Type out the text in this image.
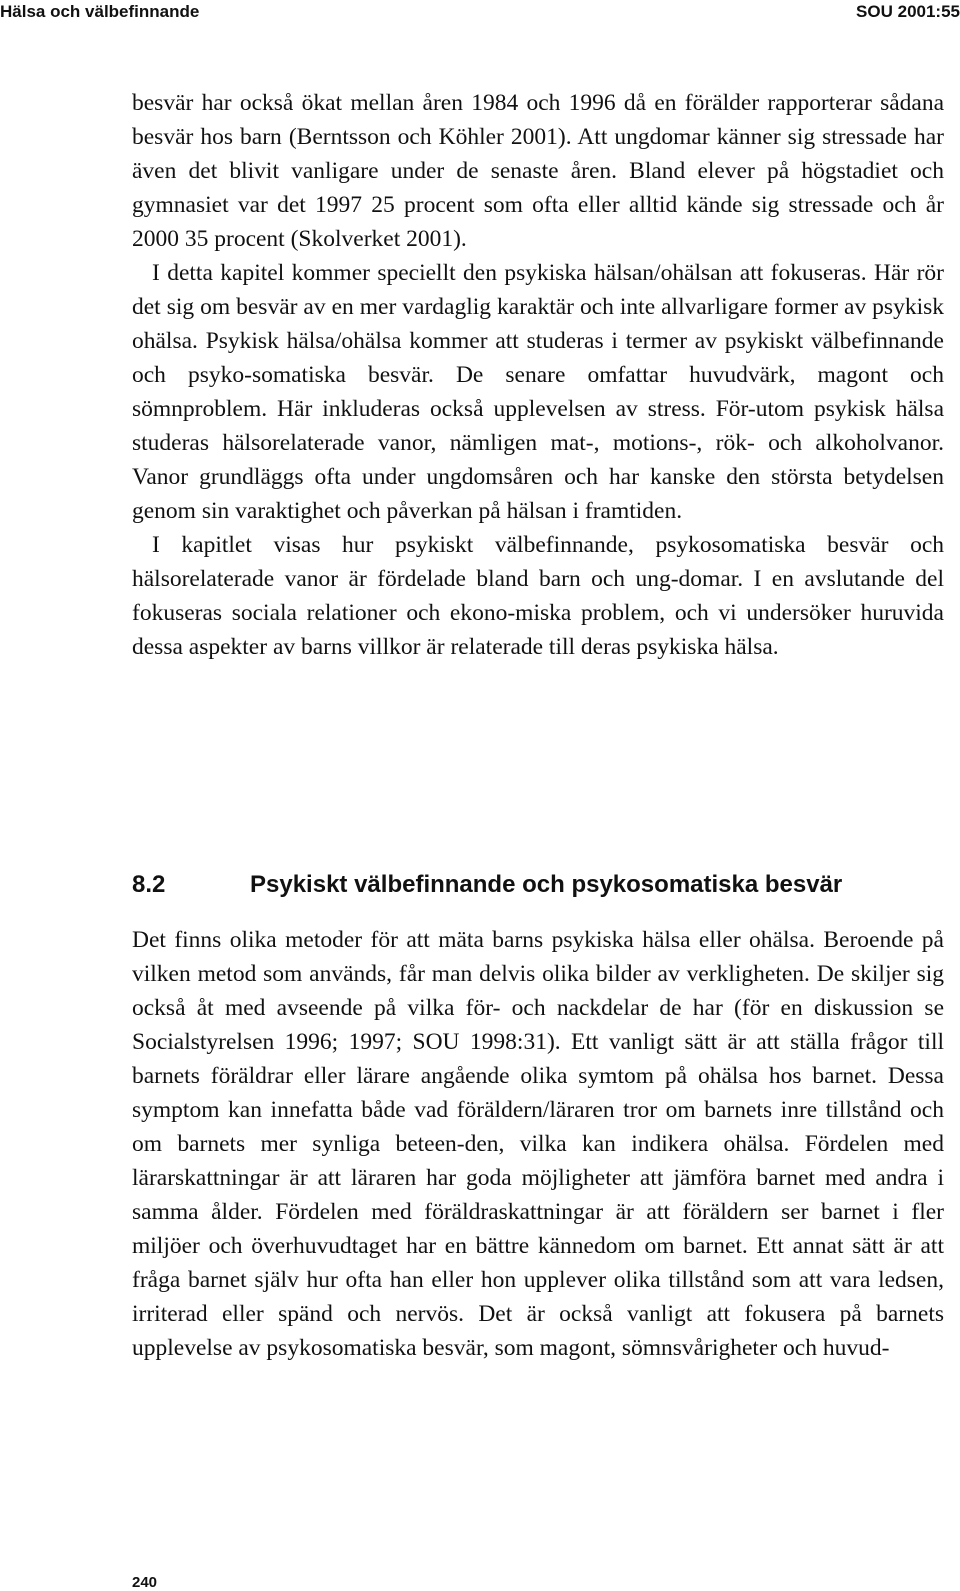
Hälsa och välbefinnande	SOU 2001:55

besvär har också ökat mellan åren 1984 och 1996 då en förälder rapporterar sådana besvär hos barn (Berntsson och Köhler 2001). Att ungdomar känner sig stressade har även det blivit vanligare under de senaste åren. Bland elever på högstadiet och gymnasiet var det 1997 25 procent som ofta eller alltid kände sig stressade och år 2000 35 procent (Skolverket 2001).

I detta kapitel kommer speciellt den psykiska hälsan/ohälsan att fokuseras. Här rör det sig om besvär av en mer vardaglig karaktär och inte allvarligare former av psykisk ohälsa. Psykisk hälsa/ohälsa kommer att studeras i termer av psykiskt välbefinnande och psyko-somatiska besvär. De senare omfattar huvudvärk, magont och sömnproblem. Här inkluderas också upplevelsen av stress. För-utom psykisk hälsa studeras hälsorelaterade vanor, nämligen mat-, motions-, rök- och alkoholvanor. Vanor grundläggs ofta under ungdomsåren och har kanske den största betydelsen genom sin varaktighet och påverkan på hälsan i framtiden.

I kapitlet visas hur psykiskt välbefinnande, psykosomatiska besvär och hälsorelaterade vanor är fördelade bland barn och ung-domar. I en avslutande del fokuseras sociala relationer och ekono-miska problem, och vi undersöker huruvida dessa aspekter av barns villkor är relaterade till deras psykiska hälsa.

8.2	Psykiskt välbefinnande och psykosomatiska besvär

Det finns olika metoder för att mäta barns psykiska hälsa eller ohälsa. Beroende på vilken metod som används, får man delvis olika bilder av verkligheten. De skiljer sig också åt med avseende på vilka för- och nackdelar de har (för en diskussion se Socialstyrelsen 1996; 1997; SOU 1998:31). Ett vanligt sätt är att ställa frågor till barnets föräldrar eller lärare angående olika symtom på ohälsa hos barnet. Dessa symptom kan innefatta både vad föräldern/läraren tror om barnets inre tillstånd och om barnets mer synliga beteen-den, vilka kan indikera ohälsa. Fördelen med lärarskattningar är att läraren har goda möjligheter att jämföra barnet med andra i samma ålder. Fördelen med föräldraskattningar är att föräldern ser barnet i fler miljöer och överhuvudtaget har en bättre kännedom om barnet. Ett annat sätt är att fråga barnet själv hur ofta han eller hon upplever olika tillstånd som att vara ledsen, irriterad eller spänd och nervös. Det är också vanligt att fokusera på barnets upplevelse av psykosomatiska besvär, som magont, sömnsvårigheter och huvud-

240
